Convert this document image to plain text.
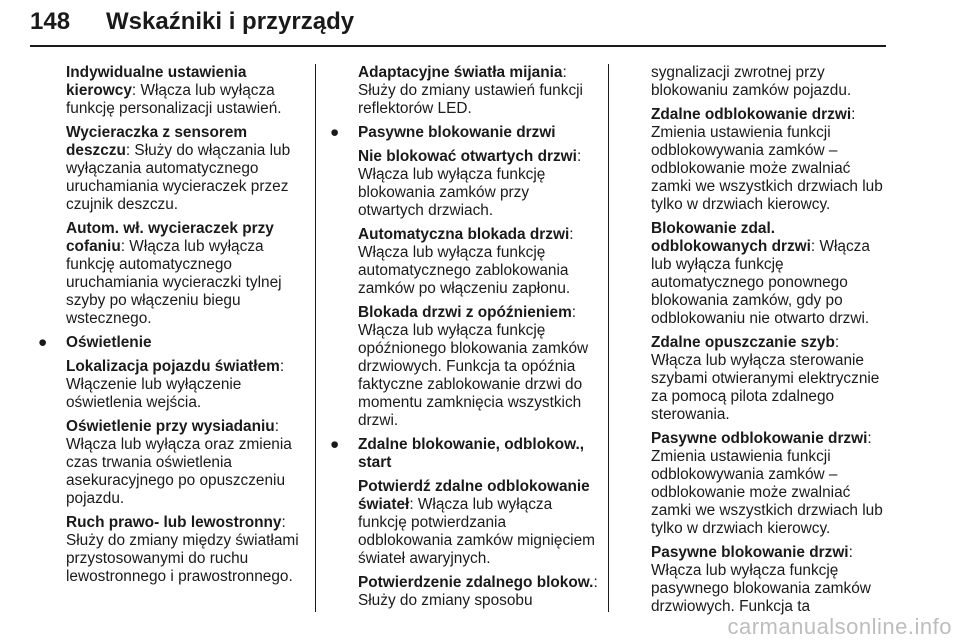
148 Wskaźniki i przyrządy
Indywidualne ustawienia kierowcy: Włącza lub wyłącza funkcję personalizacji ustawień.
Wycieraczka z sensorem deszczu: Służy do włączania lub wyłączania automatycznego uruchamiania wycieraczek przez czujnik deszczu.
Autom. wł. wycieraczek przy cofaniu: Włącza lub wyłącza funkcję automatycznego uruchamiania wycieraczki tylnej szyby po włączeniu biegu wstecznego.
● Oświetlenie
Lokalizacja pojazdu światłem: Włączenie lub wyłączenie oświetlenia wejścia.
Oświetlenie przy wysiadaniu: Włącza lub wyłącza oraz zmienia czas trwania oświetlenia asekuracyjnego po opuszczeniu pojazdu.
Ruch prawo- lub lewostronny: Służy do zmiany między światłami przystosowanymi do ruchu lewostronnego i prawostronnego.
Adaptacyjne światła mijania: Służy do zmiany ustawień funkcji reflektorów LED.
● Pasywne blokowanie drzwi
Nie blokować otwartych drzwi: Włącza lub wyłącza funkcję blokowania zamków przy otwartych drzwiach.
Automatyczna blokada drzwi: Włącza lub wyłącza funkcję automatycznego zablokowania zamków po włączeniu zapłonu.
Blokada drzwi z opóźnieniem: Włącza lub wyłącza funkcję opóźnionego blokowania zamków drzwiowych. Funkcja ta opóźnia faktyczne zablokowanie drzwi do momentu zamknięcia wszystkich drzwi.
● Zdalne blokowanie, odblokow., start
Potwierdź zdalne odblokowanie świateł: Włącza lub wyłącza funkcję potwierdzania odblokowania zamków mignięciem świateł awaryjnych.
Potwierdzenie zdalnego blokow.: Służy do zmiany sposobu
sygnalizacji zwrotnej przy blokowaniu zamków pojazdu.
Zdalne odblokowanie drzwi: Zmienia ustawienia funkcji odblokowywania zamków – odblokowanie może zwalniać zamki we wszystkich drzwiach lub tylko w drzwiach kierowcy.
Blokowanie zdal. odblokowanych drzwi: Włącza lub wyłącza funkcję automatycznego ponownego blokowania zamków, gdy po odblokowaniu nie otwarto drzwi.
Zdalne opuszczanie szyb: Włącza lub wyłącza sterowanie szybami otwieranymi elektrycznie za pomocą pilota zdalnego sterowania.
Pasywne odblokowanie drzwi: Zmienia ustawienia funkcji odblokowywania zamków – odblokowanie może zwalniać zamki we wszystkich drzwiach lub tylko w drzwiach kierowcy.
Pasywne blokowanie drzwi: Włącza lub wyłącza funkcję pasywnego blokowania zamków drzwiowych. Funkcja ta
carmanualsonline.info
